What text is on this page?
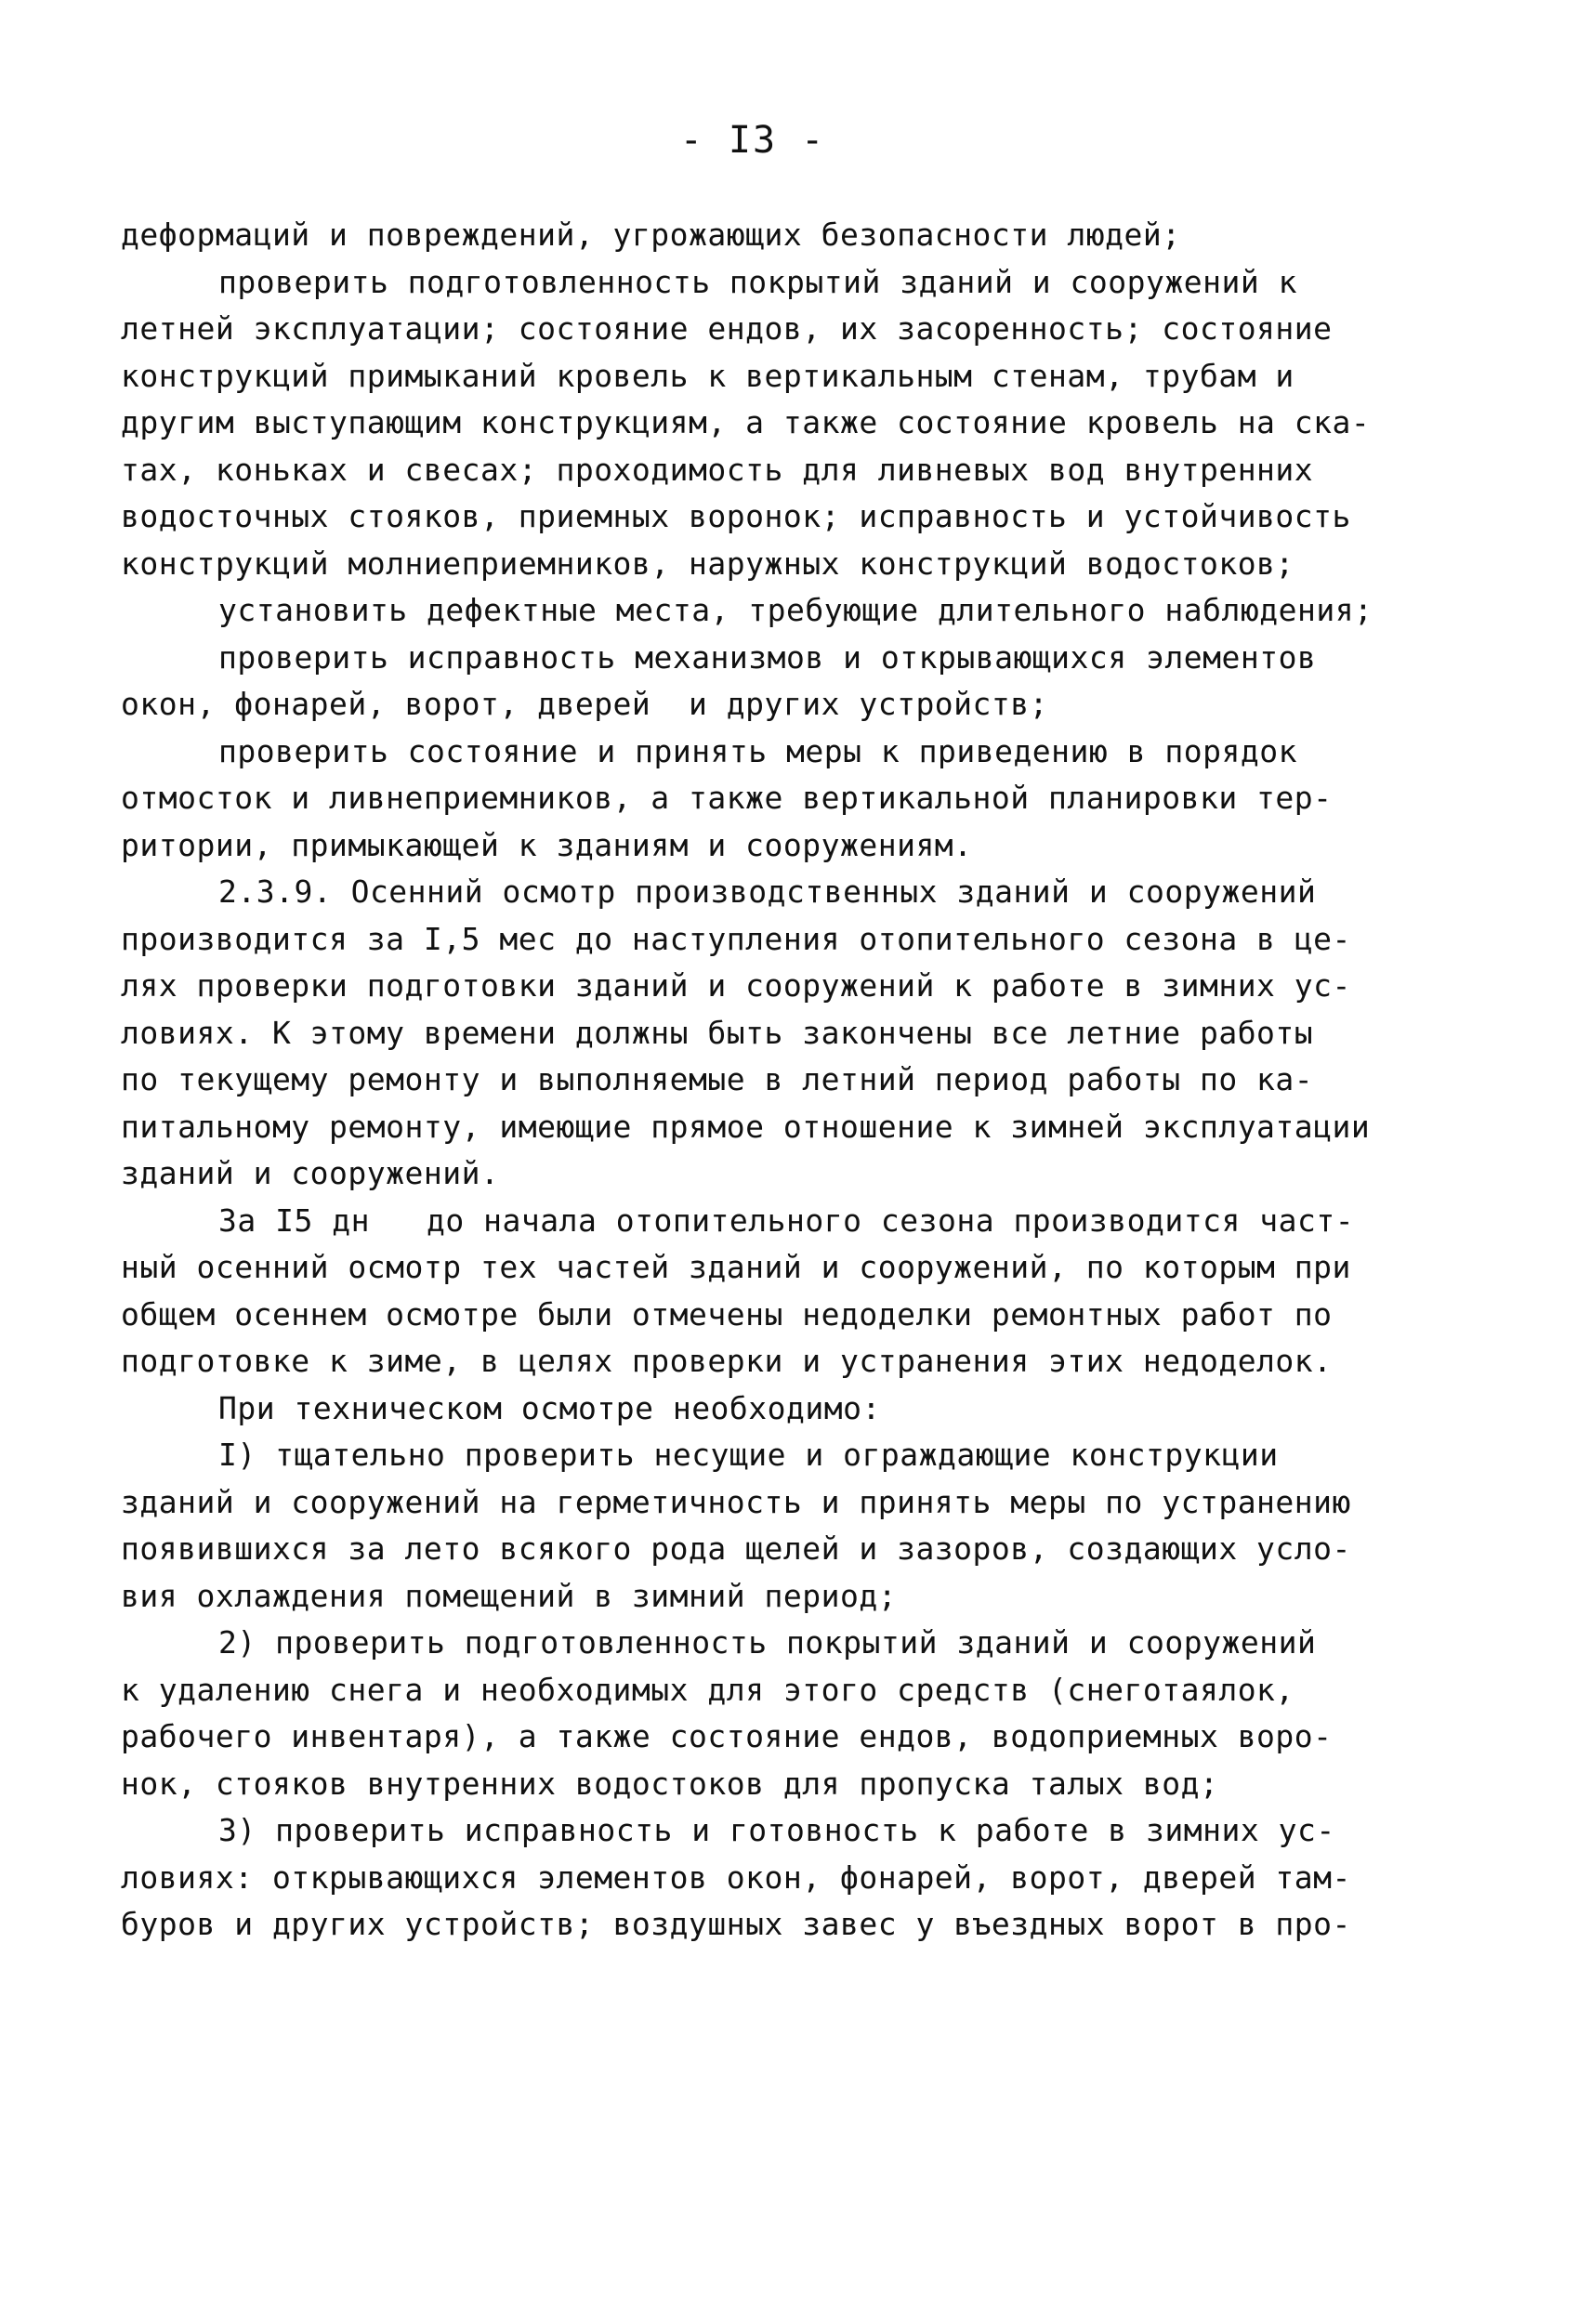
- I3 -
деформаций и повреждений, угрожающих безопасности людей;
проверить подготовленность покрытий зданий и сооружений к
летней эксплуатации; состояние ендов, их засоренность; состояние
конструкций примыканий кровель к вертикальным стенам, трубам и
другим выступающим конструкциям, а также состояние кровель на ска-
тах, коньках и свесах; проходимость для ливневых вод внутренних
водосточных стояков, приемных воронок; исправность и устойчивость
конструкций молниеприемников, наружных конструкций водостоков;
установить дефектные места, требующие длительного наблюдения;
проверить исправность механизмов и открывающихся элементов
окон, фонарей, ворот, дверей  и других устройств;
проверить состояние и принять меры к приведению в порядок
отмосток и ливнеприемников, а также вертикальной планировки тер-
ритории, примыкающей к зданиям и сооружениям.
2.3.9. Осенний осмотр производственных зданий и сооружений
производится за I,5 мес до наступления отопительного сезона в це-
лях проверки подготовки зданий и сооружений к работе в зимних ус-
ловиях. К этому времени должны быть закончены все летние работы
по текущему ремонту и выполняемые в летний период работы по ка-
питальному ремонту, имеющие прямое отношение к зимней эксплуатации
зданий и сооружений.
За I5 дн   до начала отопительного сезона производится част-
ный осенний осмотр тех частей зданий и сооружений, по которым при
общем осеннем осмотре были отмечены недоделки ремонтных работ по
подготовке к зиме, в целях проверки и устранения этих недоделок.
При техническом осмотре необходимо:
I) тщательно проверить несущие и ограждающие конструкции
зданий и сооружений на герметичность и принять меры по устранению
появившихся за лето всякого рода щелей и зазоров, создающих усло-
вия охлаждения помещений в зимний период;
2) проверить подготовленность покрытий зданий и сооружений
к удалению снега и необходимых для этого средств (снеготаялок,
рабочего инвентаря), а также состояние ендов, водоприемных воро-
нок, стояков внутренних водостоков для пропуска талых вод;
3) проверить исправность и готовность к работе в зимних ус-
ловиях: открывающихся элементов окон, фонарей, ворот, дверей там-
буров и других устройств; воздушных завес у въездных ворот в про-
